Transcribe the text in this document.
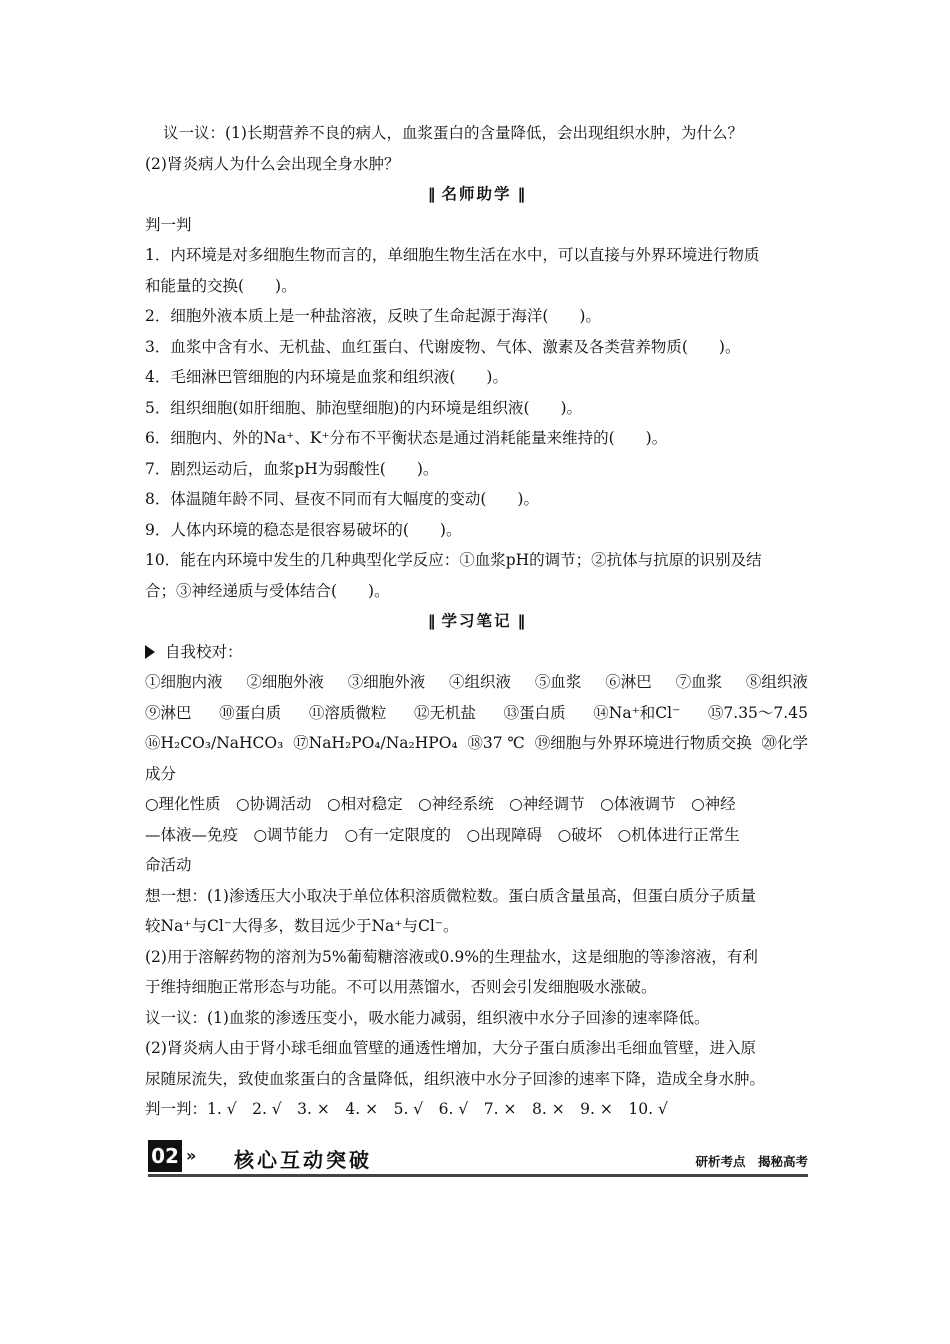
议一议：(1)长期营养不良的病人，血浆蛋白的含量降低，会出现组织水肿，为什么？
(2)肾炎病人为什么会出现全身水肿？
‖ 名师助学 ‖
判一判
1．内环境是对多细胞生物而言的，单细胞生物生活在水中，可以直接与外界环境进行物质
和能量的交换(　　)。
2．细胞外液本质上是一种盐溶液，反映了生命起源于海洋(　　)。
3．血浆中含有水、无机盐、血红蛋白、代谢废物、气体、激素及各类营养物质(　　)。
4．毛细淋巴管细胞的内环境是血浆和组织液(　　)。
5．组织细胞(如肝细胞、肺泡壁细胞)的内环境是组织液(　　)。
6．细胞内、外的Na⁺、K⁺分布不平衡状态是通过消耗能量来维持的(　　)。
7．剧烈运动后，血浆pH为弱酸性(　　)。
8．体温随年龄不同、昼夜不同而有大幅度的变动(　　)。
9．人体内环境的稳态是很容易破坏的(　　)。
10．能在内环境中发生的几种典型化学反应：①血浆pH的调节；②抗体与抗原的识别及结
合；③神经递质与受体结合(　　)。
‖ 学习笔记 ‖
自我校对：
①细胞内液 ②细胞外液 ③细胞外液 ④组织液 ⑤血浆 ⑥淋巴 ⑦血浆 ⑧组织液
⑨淋巴 ⑩蛋白质 ⑪溶质微粒 ⑫无机盐 ⑬蛋白质 ⑭Na⁺和Cl⁻ ⑮7.35～7.45
⑯H₂CO₃/NaHCO₃ ⑰NaH₂PO₄/Na₂HPO₄ ⑱37 ℃ ⑲细胞与外界环境进行物质交换 ⑳化学
成分
○理化性质　○协调活动　○相对稳定　○神经系统　○神经调节　○体液调节　○神经
—体液—免疫　○调节能力　○有一定限度的　○出现障碍　○破坏　○机体进行正常生
命活动
想一想：(1)渗透压大小取决于单位体积溶质微粒数。蛋白质含量虽高，但蛋白质分子质量
较Na⁺与Cl⁻大得多，数目远少于Na⁺与Cl⁻。
(2)用于溶解药物的溶剂为5%葡萄糖溶液或0.9%的生理盐水，这是细胞的等渗溶液，有利
于维持细胞正常形态与功能。不可以用蒸馏水，否则会引发细胞吸水涨破。
议一议：(1)血浆的渗透压变小，吸水能力减弱，组织液中水分子回渗的速率降低。
(2)肾炎病人由于肾小球毛细血管壁的通透性增加，大分子蛋白质渗出毛细血管壁，进入原
尿随尿流失，致使血浆蛋白的含量降低，组织液中水分子回渗的速率下降，造成全身水肿。
判一判：1. √　2. √　3. ×　4. ×　5. √　6. √　7. ×　8. ×　9. ×　10. √
02 » 核心互动突破	研析考点　揭秘高考
